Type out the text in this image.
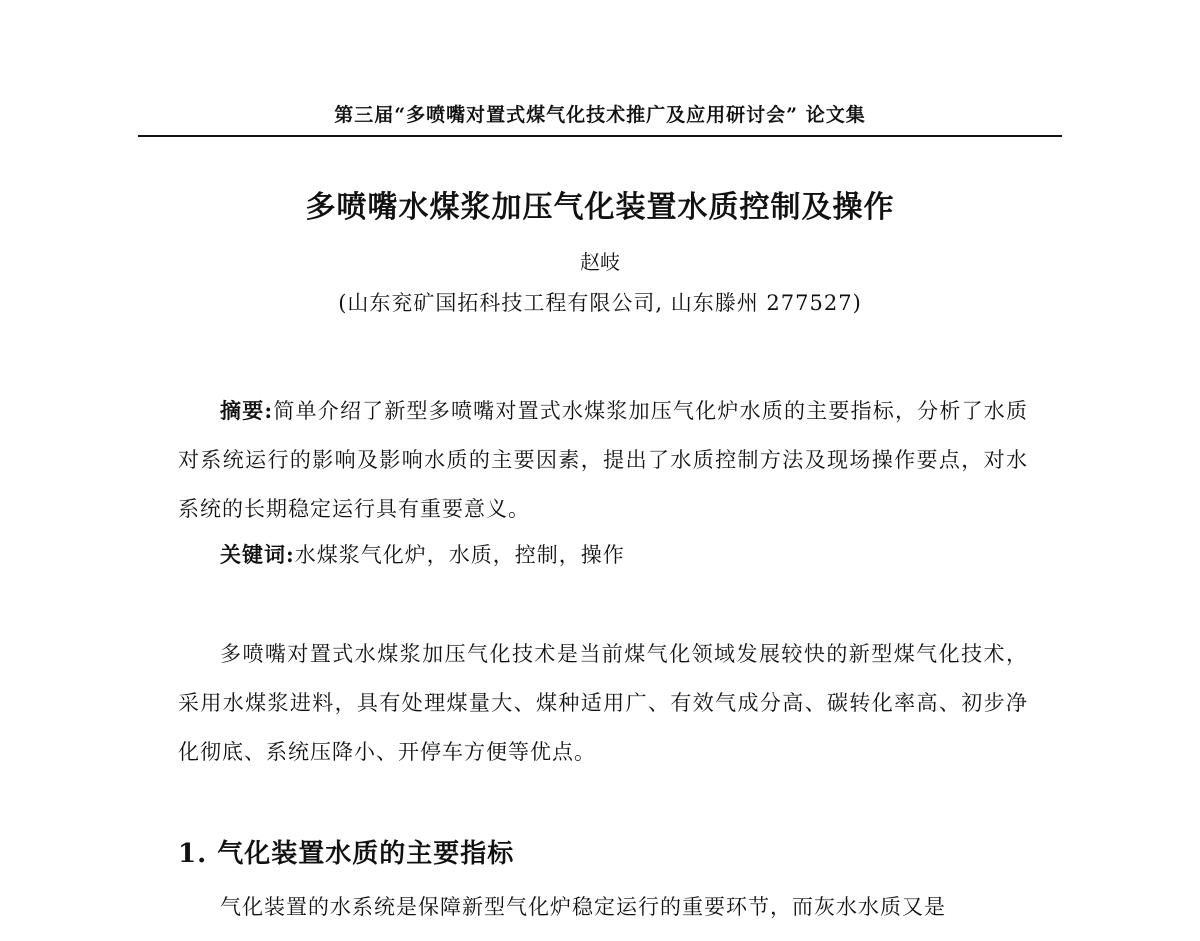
第三届“多喷嘴对置式煤气化技术推广及应用研讨会” 论文集
多喷嘴水煤浆加压气化装置水质控制及操作
赵岐
(山东兖矿国拓科技工程有限公司, 山东滕州 277527)

摘要:简单介绍了新型多喷嘴对置式水煤浆加压气化炉水质的主要指标，分析了水质对系统运行的影响及影响水质的主要因素，提出了水质控制方法及现场操作要点，对水系统的长期稳定运行具有重要意义。

关键词:水煤浆气化炉，水质，控制，操作

多喷嘴对置式水煤浆加压气化技术是当前煤气化领域发展较快的新型煤气化技术，采用水煤浆进料，具有处理煤量大、煤种适用广、有效气成分高、碳转化率高、初步净化彻底、系统压降小、开停车方便等优点。

1. 气化装置水质的主要指标

气化装置的水系统是保障新型气化炉稳定运行的重要环节，而灰水水质又是
